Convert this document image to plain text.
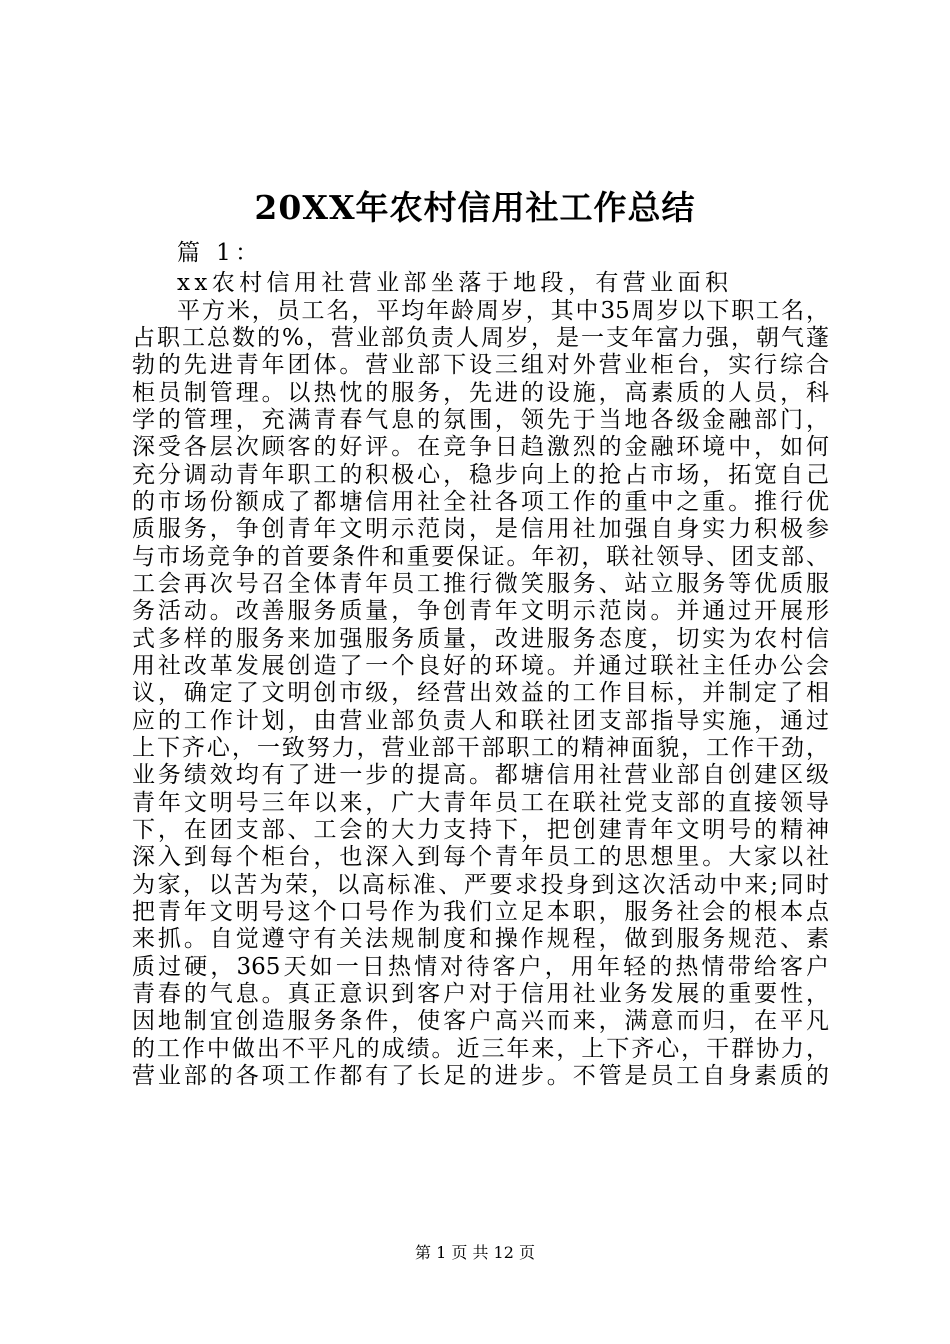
20XX年农村信用社工作总结
篇 1：
xx农村信用社营业部坐落于地段，有营业面积
平方米，员工名，平均年龄周岁，其中35周岁以下职工名，
占职工总数的%，营业部负责人周岁，是一支年富力强，朝气蓬
勃的先进青年团体。营业部下设三组对外营业柜台，实行综合
柜员制管理。以热忱的服务，先进的设施，高素质的人员，科
学的管理，充满青春气息的氛围，领先于当地各级金融部门，
深受各层次顾客的好评。在竞争日趋激烈的金融环境中，如何
充分调动青年职工的积极心，稳步向上的抢占市场，拓宽自己
的市场份额成了都塘信用社全社各项工作的重中之重。推行优
质服务，争创青年文明示范岗，是信用社加强自身实力积极参
与市场竞争的首要条件和重要保证。年初，联社领导、团支部、
工会再次号召全体青年员工推行微笑服务、站立服务等优质服
务活动。改善服务质量，争创青年文明示范岗。并通过开展形
式多样的服务来加强服务质量，改进服务态度，切实为农村信
用社改革发展创造了一个良好的环境。并通过联社主任办公会
议，确定了文明创市级，经营出效益的工作目标，并制定了相
应的工作计划，由营业部负责人和联社团支部指导实施，通过
上下齐心，一致努力，营业部干部职工的精神面貌，工作干劲，
业务绩效均有了进一步的提高。都塘信用社营业部自创建区级
青年文明号三年以来，广大青年员工在联社党支部的直接领导
下，在团支部、工会的大力支持下，把创建青年文明号的精神
深入到每个柜台，也深入到每个青年员工的思想里。大家以社
为家，以苦为荣，以高标准、严要求投身到这次活动中来;同时
把青年文明号这个口号作为我们立足本职，服务社会的根本点
来抓。自觉遵守有关法规制度和操作规程，做到服务规范、素
质过硬，365天如一日热情对待客户，用年轻的热情带给客户
青春的气息。真正意识到客户对于信用社业务发展的重要性，
因地制宜创造服务条件，使客户高兴而来，满意而归，在平凡
的工作中做出不平凡的成绩。近三年来，上下齐心，干群协力，
营业部的各项工作都有了长足的进步。不管是员工自身素质的
第 1 页 共 12 页
